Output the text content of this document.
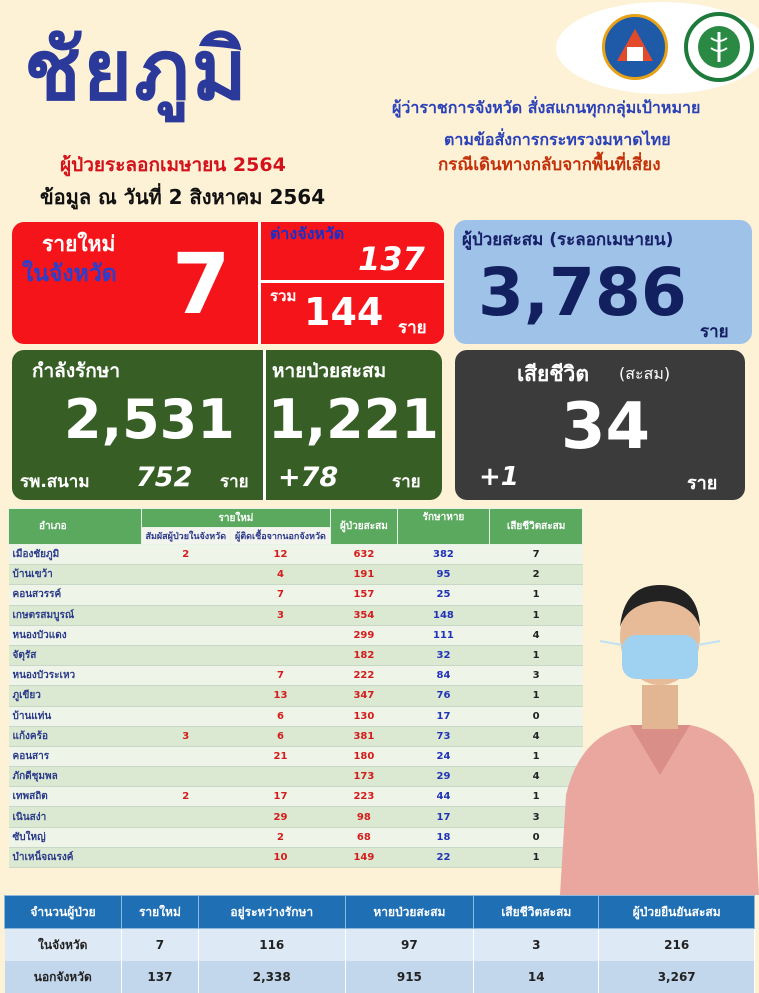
ชัยภูมิ
ผู้ป่วยระลอกเมษายน 2564
ข้อมูล ณ วันที่ 2 สิงหาคม 2564
ผู้ว่าราชการจังหวัด สั่งสแกนทุกกลุ่มเป้าหมาย
ตามข้อสั่งการกระทรวงมหาดไทย
กรณีเดินทางกลับจากพื้นที่เสี่ยง
รายใหม่
ในจังหวัด 7
ต่างจังหวัด
137
รวม 144 ราย
ผู้ป่วยสะสม (ระลอกเมษายน)
3,786
ราย
กำลังรักษา
2,531
รพ.สนาม 752 ราย
หายป่วยสะสม
1,221
+78	ราย
เสียชีวิต (สะสม)
34
+1	ราย
อำเภอ	รายใหม่		ผู้ป่วยสะสม	รักษาหาย	เสียชีวิตสะสม
	สัมผัสผู้ป่วยในจังหวัด	ผู้ติดเชื้อจากนอกจังหวัด			
เมืองชัยภูมิ	2	12	632	382	7
บ้านเขว้า		4	191	95	2
คอนสวรรค์		7	157	25	1
เกษตรสมบูรณ์		3	354	148	1
หนองบัวแดง			299	111	4
จัตุรัส			182	32	1
หนองบัวระเหว		7	222	84	3
ภูเขียว		13	347	76	1
บ้านแท่น		6	130	17	0
แก้งคร้อ	3	6	381	73	4
คอนสาร		21	180	24	1
ภักดีชุมพล			173	29	4
เทพสถิต	2	17	223	44	1
เนินสง่า		29	98	17	3
ซับใหญ่		2	68	18	0
บำเหน็จณรงค์		10	149	22	1
จำนวนผู้ป่วย	รายใหม่	อยู่ระหว่างรักษา	หายป่วยสะสม	เสียชีวิตสะสม	ผู้ป่วยยืนยันสะสม
ในจังหวัด	7	116	97	3	216
นอกจังหวัด	137	2,338	915	14	3,267
